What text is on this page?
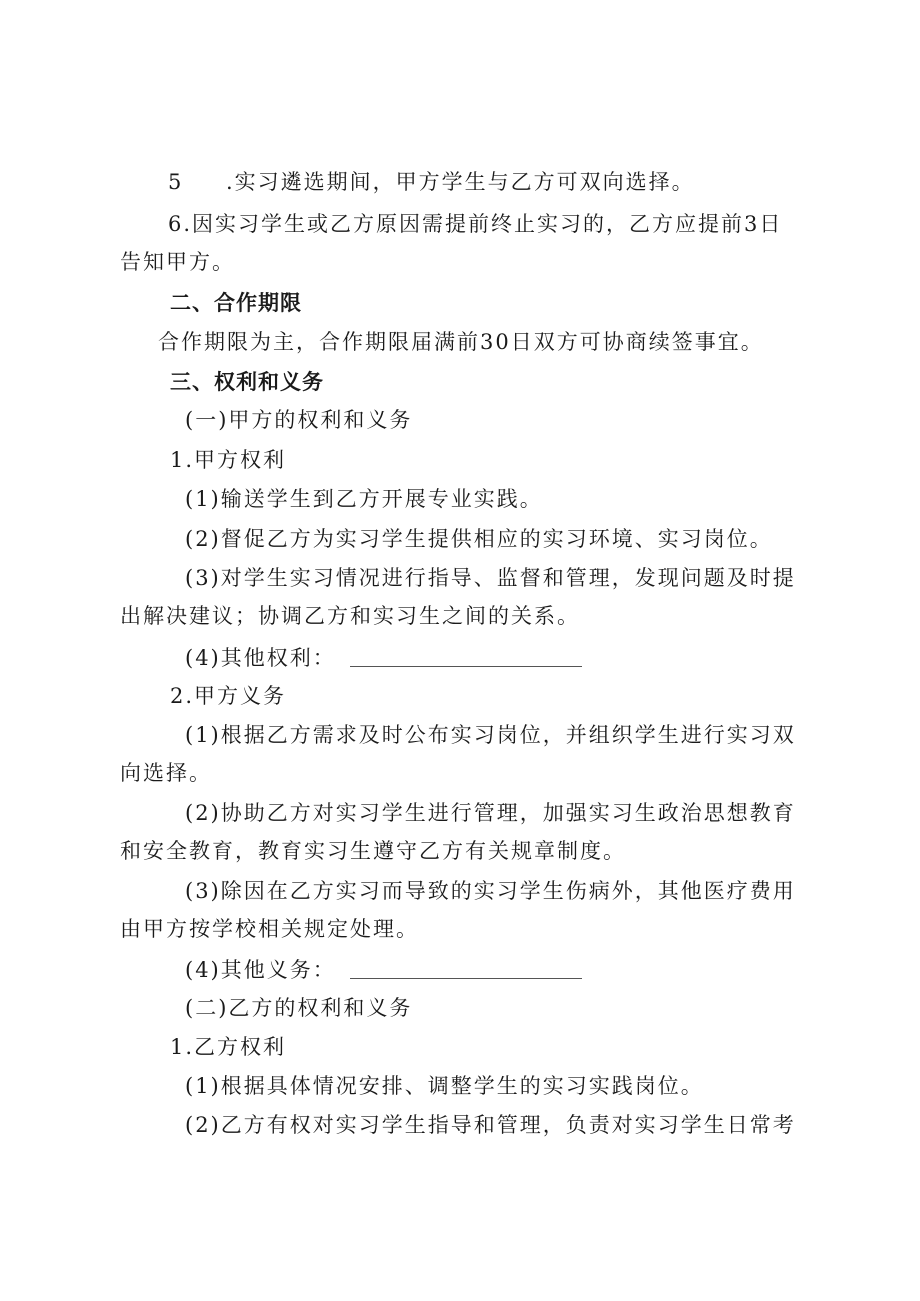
5 .实习遴选期间，甲方学生与乙方可双向选择。
6.因实习学生或乙方原因需提前终止实习的，乙方应提前3日
告知甲方。
二、合作期限
合作期限为主，合作期限届满前30日双方可协商续签事宜。
三、权利和义务
(一)甲方的权利和义务
1.甲方权利
(1)输送学生到乙方开展专业实践。
(2)督促乙方为实习学生提供相应的实习环境、实习岗位。
(3)对学生实习情况进行指导、监督和管理，发现问题及时提
出解决建议；协调乙方和实习生之间的关系。
(4)其他权利：
2.甲方义务
(1)根据乙方需求及时公布实习岗位，并组织学生进行实习双
向选择。
(2)协助乙方对实习学生进行管理，加强实习生政治思想教育
和安全教育，教育实习生遵守乙方有关规章制度。
(3)除因在乙方实习而导致的实习学生伤病外，其他医疗费用
由甲方按学校相关规定处理。
(4)其他义务：
(二)乙方的权利和义务
1.乙方权利
(1)根据具体情况安排、调整学生的实习实践岗位。
(2)乙方有权对实习学生指导和管理，负责对实习学生日常考
